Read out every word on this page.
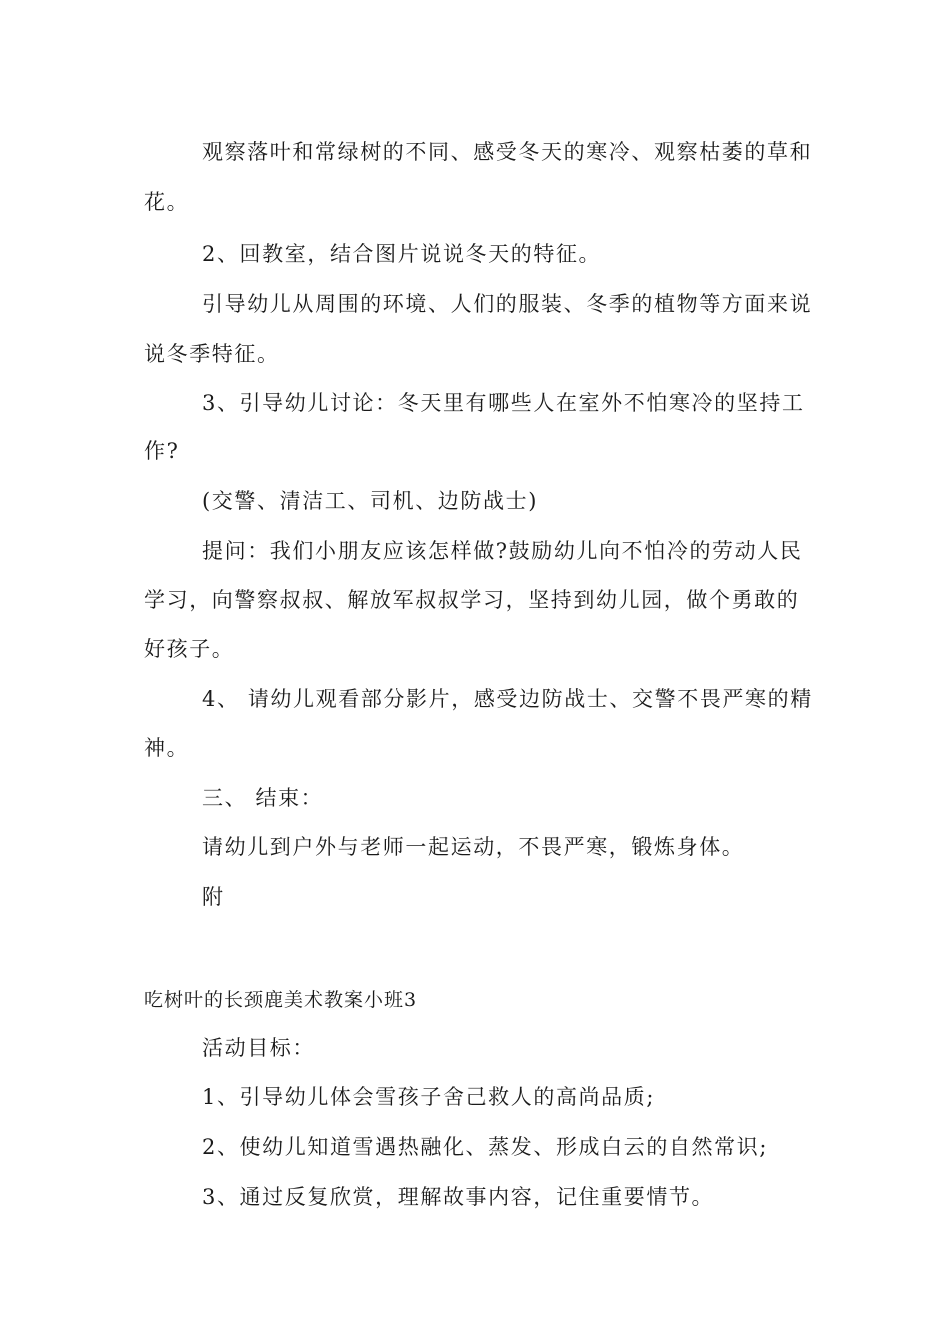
观察落叶和常绿树的不同、感受冬天的寒冷、观察枯萎的草和
花。
2、回教室，结合图片说说冬天的特征。
引导幼儿从周围的环境、人们的服装、冬季的植物等方面来说
说冬季特征。
3、引导幼儿讨论：冬天里有哪些人在室外不怕寒冷的坚持工
作?
(交警、清洁工、司机、边防战士)
提问：我们小朋友应该怎样做?鼓励幼儿向不怕冷的劳动人民
学习，向警察叔叔、解放军叔叔学习，坚持到幼儿园，做个勇敢的
好孩子。
4、 请幼儿观看部分影片，感受边防战士、交警不畏严寒的精
神。
三、 结束：
请幼儿到户外与老师一起运动，不畏严寒，锻炼身体。
附
吃树叶的长颈鹿美术教案小班3
活动目标：
1、引导幼儿体会雪孩子舍己救人的高尚品质;
2、使幼儿知道雪遇热融化、蒸发、形成白云的自然常识;
3、通过反复欣赏，理解故事内容，记住重要情节。
